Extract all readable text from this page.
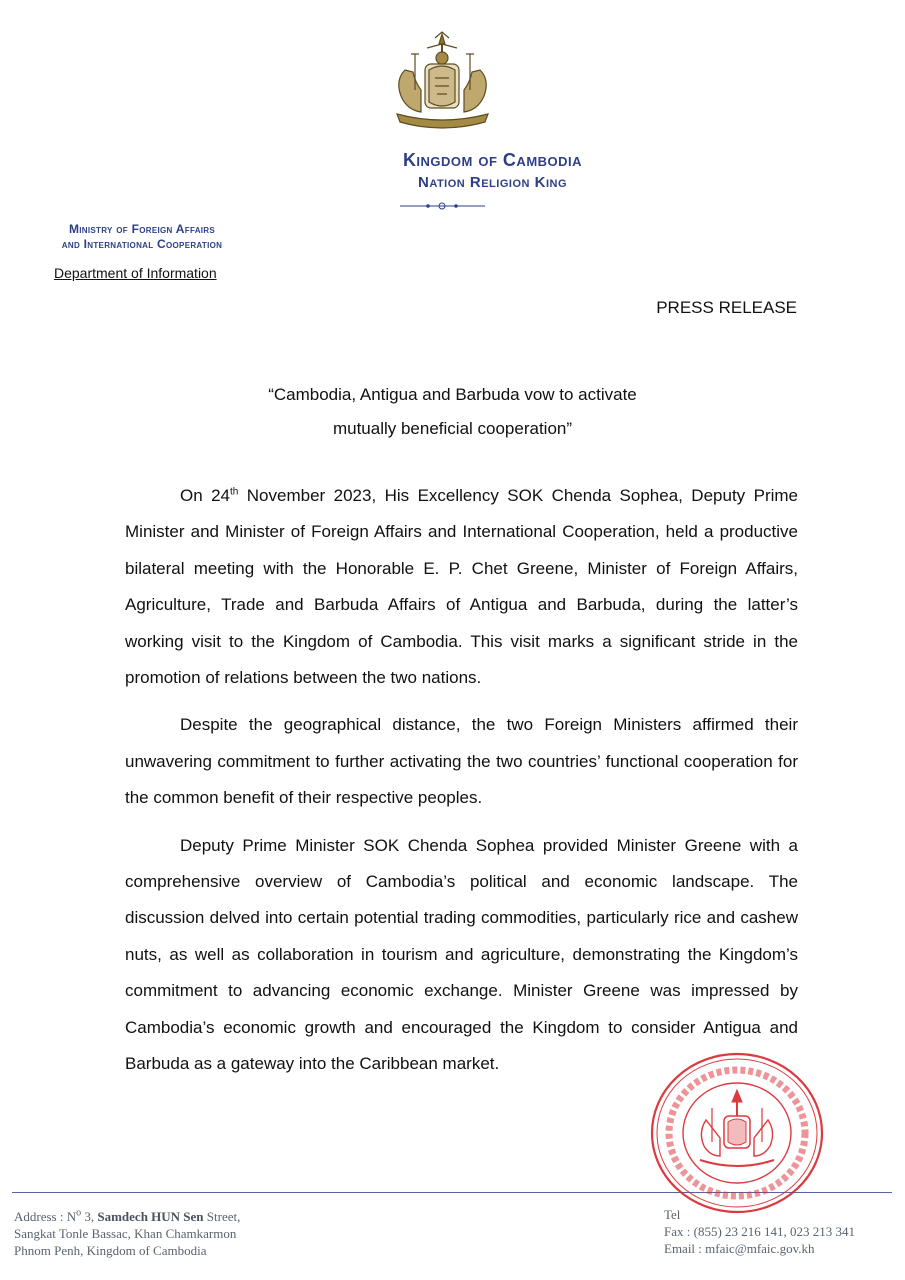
Kingdom of Cambodia
Nation Religion King
Ministry of Foreign Affairs
and International Cooperation
Department of Information
PRESS RELEASE
“Cambodia, Antigua and Barbuda vow to activate
mutually beneficial cooperation”

On 24th November 2023, His Excellency SOK Chenda Sophea, Deputy Prime Minister and Minister of Foreign Affairs and International Cooperation, held a productive bilateral meeting with the Honorable E. P. Chet Greene, Minister of Foreign Affairs, Agriculture, Trade and Barbuda Affairs of Antigua and Barbuda, during the latter’s working visit to the Kingdom of Cambodia. This visit marks a significant stride in the promotion of relations between the two nations.

Despite the geographical distance, the two Foreign Ministers affirmed their unwavering commitment to further activating the two countries’ functional cooperation for the common benefit of their respective peoples.

Deputy Prime Minister SOK Chenda Sophea provided Minister Greene with a comprehensive overview of Cambodia’s political and economic landscape. The discussion delved into certain potential trading commodities, particularly rice and cashew nuts, as well as collaboration in tourism and agriculture, demonstrating the Kingdom’s commitment to advancing economic exchange. Minister Greene was impressed by Cambodia’s economic growth and encouraged the Kingdom to consider Antigua and Barbuda as a gateway into the Caribbean market.

Address : $N^o$ 3, Samdech HUN Sen Street,
Sangkat Tonle Bassac, Khan Chamkarmon
Phnom Penh, Kingdom of Cambodia
Tel
Fax : (855) 23 216 141, 023 213 341
Email : mfaic@mfaic.gov.kh
